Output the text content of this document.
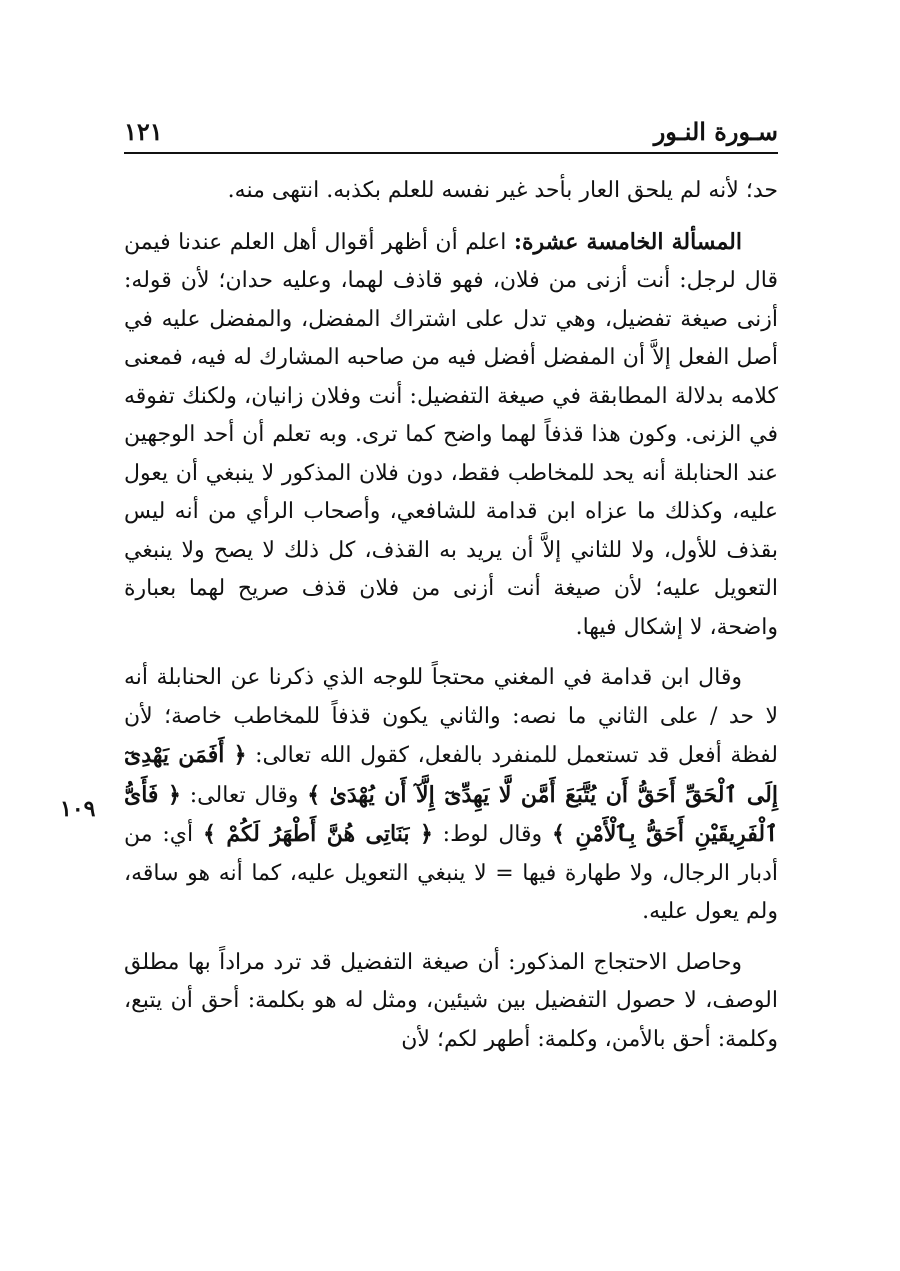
سـورة النـور
١٢١
١٠٩

حد؛ لأنه لم يلحق العار بأحد غير نفسه للعلم بكذبه. انتهى منه.

المسألة الخامسة عشرة: اعلم أن أظهر أقوال أهل العلم عندنا فيمن قال لرجل: أنت أزنى من فلان، فهو قاذف لهما، وعليه حدان؛ لأن قوله: أزنى صيغة تفضيل، وهي تدل على اشتراك المفضل، والمفضل عليه في أصل الفعل إلاَّ أن المفضل أفضل فيه من صاحبه المشارك له فيه، فمعنى كلامه بدلالة المطابقة في صيغة التفضيل: أنت وفلان زانيان، ولكنك تفوقه في الزنى. وكون هذا قذفاً لهما واضح كما ترى. وبه تعلم أن أحد الوجهين عند الحنابلة أنه يحد للمخاطب فقط، دون فلان المذكور لا ينبغي أن يعول عليه، وكذلك ما عزاه ابن قدامة للشافعي، وأصحاب الرأي من أنه ليس بقذف للأول، ولا للثاني إلاَّ أن يريد به القذف، كل ذلك لا يصح ولا ينبغي التعويل عليه؛ لأن صيغة أنت أزنى من فلان قذف صريح لهما بعبارة واضحة، لا إشكال فيها.

وقال ابن قدامة في المغني محتجاً للوجه الذي ذكرنا عن الحنابلة أنه لا حد / على الثاني ما نصه: والثاني يكون قذفاً للمخاطب خاصة؛ لأن لفظة أفعل قد تستعمل للمنفرد بالفعل، كقول الله تعالى: ﴿ أَفَمَن يَهْدِىٓ إِلَى ٱلْحَقِّ أَحَقُّ أَن يُتَّبَعَ أَمَّن لَّا يَهِدِّىٓ إِلَّآ أَن يُهْدَىٰ ﴾ وقال تعالى: ﴿ فَأَىُّ ٱلْفَرِيقَيْنِ أَحَقُّ بِٱلْأَمْنِ ﴾ وقال لوط: ﴿ بَنَاتِى هُنَّ أَطْهَرُ لَكُمْ ﴾ أي: من أدبار الرجال، ولا طهارة فيها = لا ينبغي التعويل عليه، كما أنه هو ساقه، ولم يعول عليه.

وحاصل الاحتجاج المذكور: أن صيغة التفضيل قد ترد مراداً بها مطلق الوصف، لا حصول التفضيل بين شيئين، ومثل له هو بكلمة: أحق أن يتبع، وكلمة: أحق بالأمن، وكلمة: أطهر لكم؛ لأن
